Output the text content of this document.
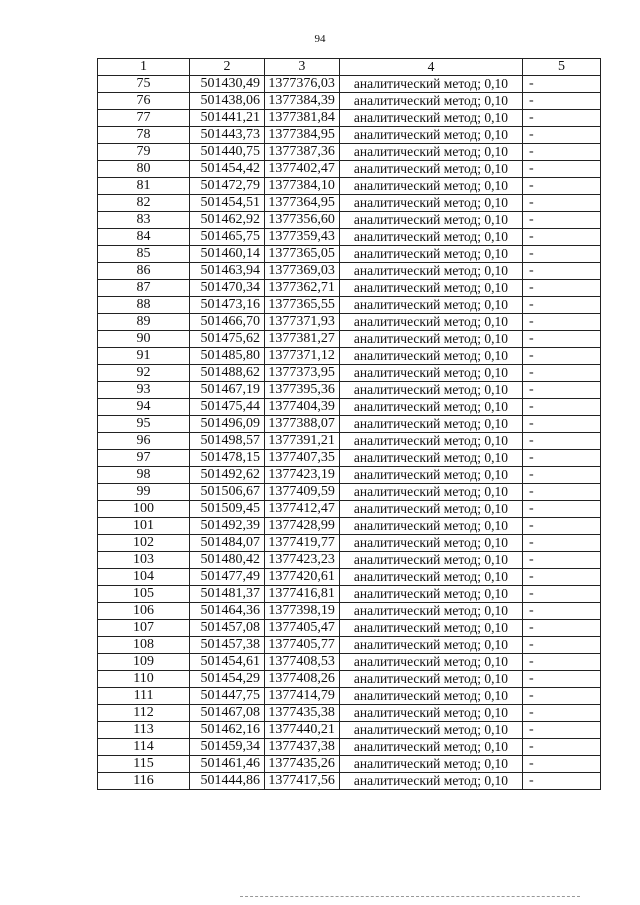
94
1	2	3	4	5
75	501430,49	1377376,03	аналитический метод; 0,10	-
76	501438,06	1377384,39	аналитический метод; 0,10	-
77	501441,21	1377381,84	аналитический метод; 0,10	-
78	501443,73	1377384,95	аналитический метод; 0,10	-
79	501440,75	1377387,36	аналитический метод; 0,10	-
80	501454,42	1377402,47	аналитический метод; 0,10	-
81	501472,79	1377384,10	аналитический метод; 0,10	-
82	501454,51	1377364,95	аналитический метод; 0,10	-
83	501462,92	1377356,60	аналитический метод; 0,10	-
84	501465,75	1377359,43	аналитический метод; 0,10	-
85	501460,14	1377365,05	аналитический метод; 0,10	-
86	501463,94	1377369,03	аналитический метод; 0,10	-
87	501470,34	1377362,71	аналитический метод; 0,10	-
88	501473,16	1377365,55	аналитический метод; 0,10	-
89	501466,70	1377371,93	аналитический метод; 0,10	-
90	501475,62	1377381,27	аналитический метод; 0,10	-
91	501485,80	1377371,12	аналитический метод; 0,10	-
92	501488,62	1377373,95	аналитический метод; 0,10	-
93	501467,19	1377395,36	аналитический метод; 0,10	-
94	501475,44	1377404,39	аналитический метод; 0,10	-
95	501496,09	1377388,07	аналитический метод; 0,10	-
96	501498,57	1377391,21	аналитический метод; 0,10	-
97	501478,15	1377407,35	аналитический метод; 0,10	-
98	501492,62	1377423,19	аналитический метод; 0,10	-
99	501506,67	1377409,59	аналитический метод; 0,10	-
100	501509,45	1377412,47	аналитический метод; 0,10	-
101	501492,39	1377428,99	аналитический метод; 0,10	-
102	501484,07	1377419,77	аналитический метод; 0,10	-
103	501480,42	1377423,23	аналитический метод; 0,10	-
104	501477,49	1377420,61	аналитический метод; 0,10	-
105	501481,37	1377416,81	аналитический метод; 0,10	-
106	501464,36	1377398,19	аналитический метод; 0,10	-
107	501457,08	1377405,47	аналитический метод; 0,10	-
108	501457,38	1377405,77	аналитический метод; 0,10	-
109	501454,61	1377408,53	аналитический метод; 0,10	-
110	501454,29	1377408,26	аналитический метод; 0,10	-
111	501447,75	1377414,79	аналитический метод; 0,10	-
112	501467,08	1377435,38	аналитический метод; 0,10	-
113	501462,16	1377440,21	аналитический метод; 0,10	-
114	501459,34	1377437,38	аналитический метод; 0,10	-
115	501461,46	1377435,26	аналитический метод; 0,10	-
116	501444,86	1377417,56	аналитический метод; 0,10	-
